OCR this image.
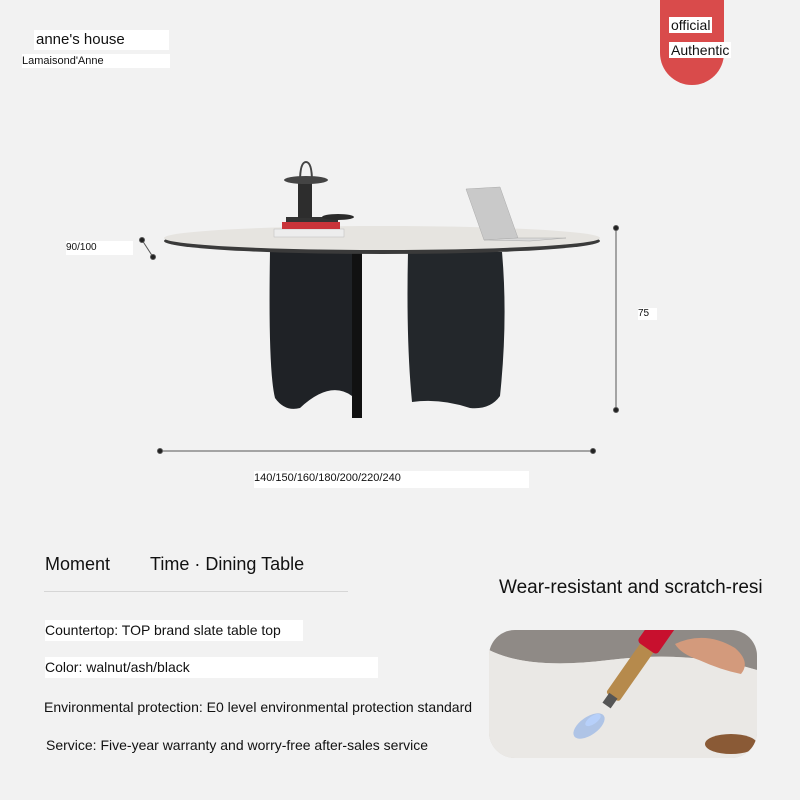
anne's house
Lamaisond'Anne
official
Authentic
90/100
75
140/150/160/180/200/220/240
Moment Time · Dining Table
Countertop: TOP brand slate table top
Color: walnut/ash/black
Environmental protection: E0 level environmental protection standard
Service: Five-year warranty and worry-free after-sales service
Wear-resistant and scratch-resi
